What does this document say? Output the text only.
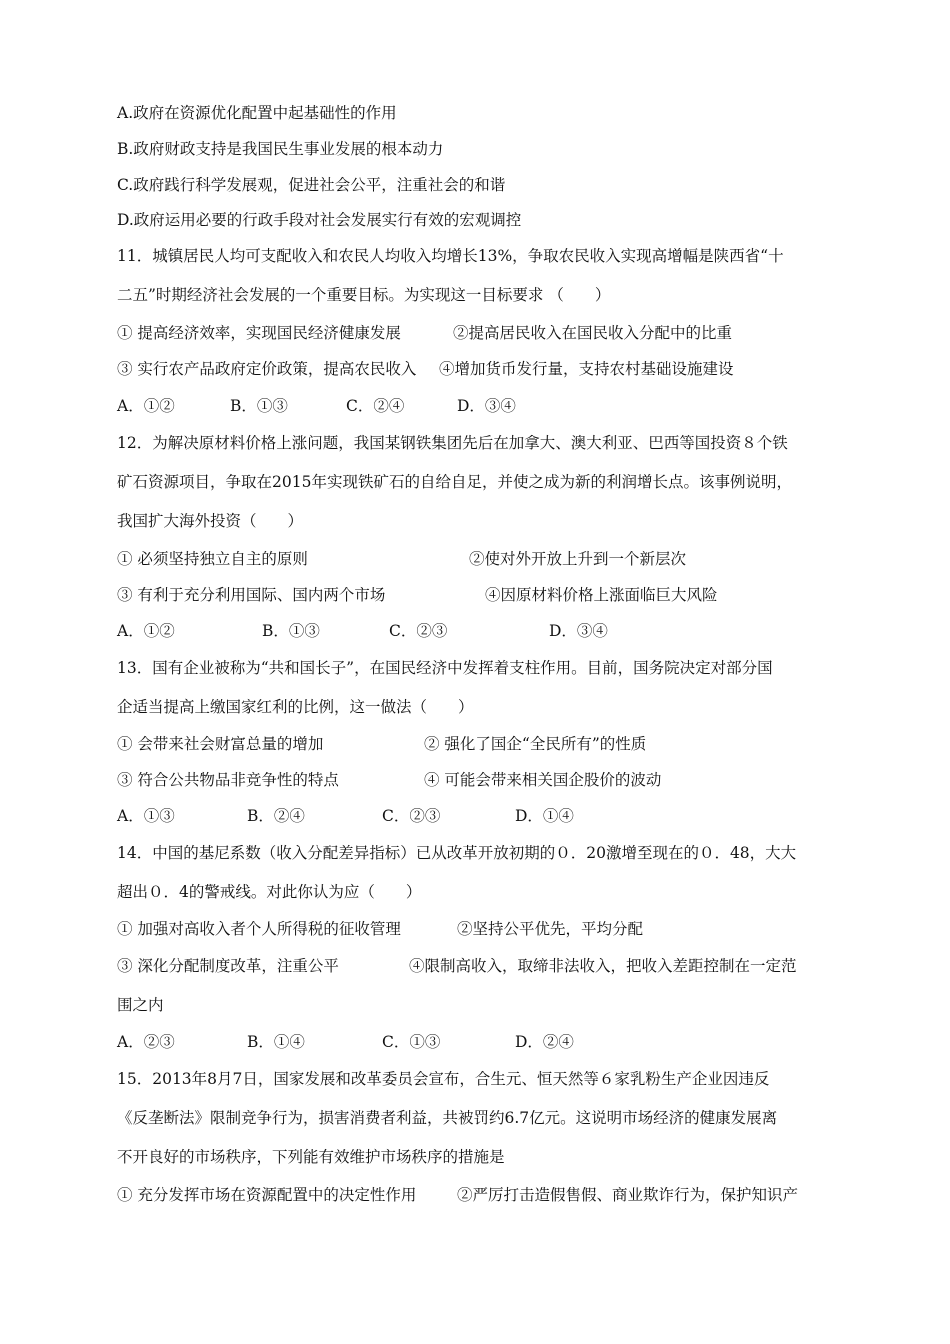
A.政府在资源优化配置中起基础性的作用
B.政府财政支持是我国民生事业发展的根本动力
C.政府践行科学发展观，促进社会公平，注重社会的和谐
D.政府运用必要的行政手段对社会发展实行有效的宏观调控
11．城镇居民人均可支配收入和农民人均收入均增长13%，争取农民收入实现高增幅是陕西省“十
二五”时期经济社会发展的一个重要目标。为实现这一目标要求 （　　）
① 提高经济效率，实现国民经济健康发展	②提高居民收入在国民收入分配中的比重
③ 实行农产品政府定价政策，提高农民收入	④增加货币发行量，支持农村基础设施建设
A．①②	B．①③	C．②④	D．③④
12．为解决原材料价格上涨问题，我国某钢铁集团先后在加拿大、澳大利亚、巴西等国投资８个铁
矿石资源项目，争取在2015年实现铁矿石的自给自足，并使之成为新的利润增长点。该事例说明，
我国扩大海外投资（　　）
① 必须坚持独立自主的原则	②使对外开放上升到一个新层次
③ 有利于充分利用国际、国内两个市场	④因原材料价格上涨面临巨大风险
A．①②	B．①③	C．②③	D．③④
13．国有企业被称为“共和国长子”，在国民经济中发挥着支柱作用。目前，国务院决定对部分国
企适当提高上缴国家红利的比例，这一做法（　　）
① 会带来社会财富总量的增加	② 强化了国企“全民所有”的性质
③ 符合公共物品非竞争性的特点	④ 可能会带来相关国企股价的波动
A．①③	B．②④	C．②③	D．①④
14．中国的基尼系数（收入分配差异指标）已从改革开放初期的０．20激增至现在的０．48，大大
超出０．4的警戒线。对此你认为应（　　）
① 加强对高收入者个人所得税的征收管理	②坚持公平优先，平均分配
③ 深化分配制度改革，注重公平	④限制高收入，取缔非法收入，把收入差距控制在一定范
围之内
A．②③	B．①④	C．①③	D．②④
15．2013年8月7日，国家发展和改革委员会宣布，合生元、恒天然等６家乳粉生产企业因违反
《反垄断法》限制竞争行为，损害消费者利益，共被罚约6.7亿元。这说明市场经济的健康发展离
不开良好的市场秩序，下列能有效维护市场秩序的措施是
① 充分发挥市场在资源配置中的决定性作用	②严厉打击造假售假、商业欺诈行为，保护知识产
